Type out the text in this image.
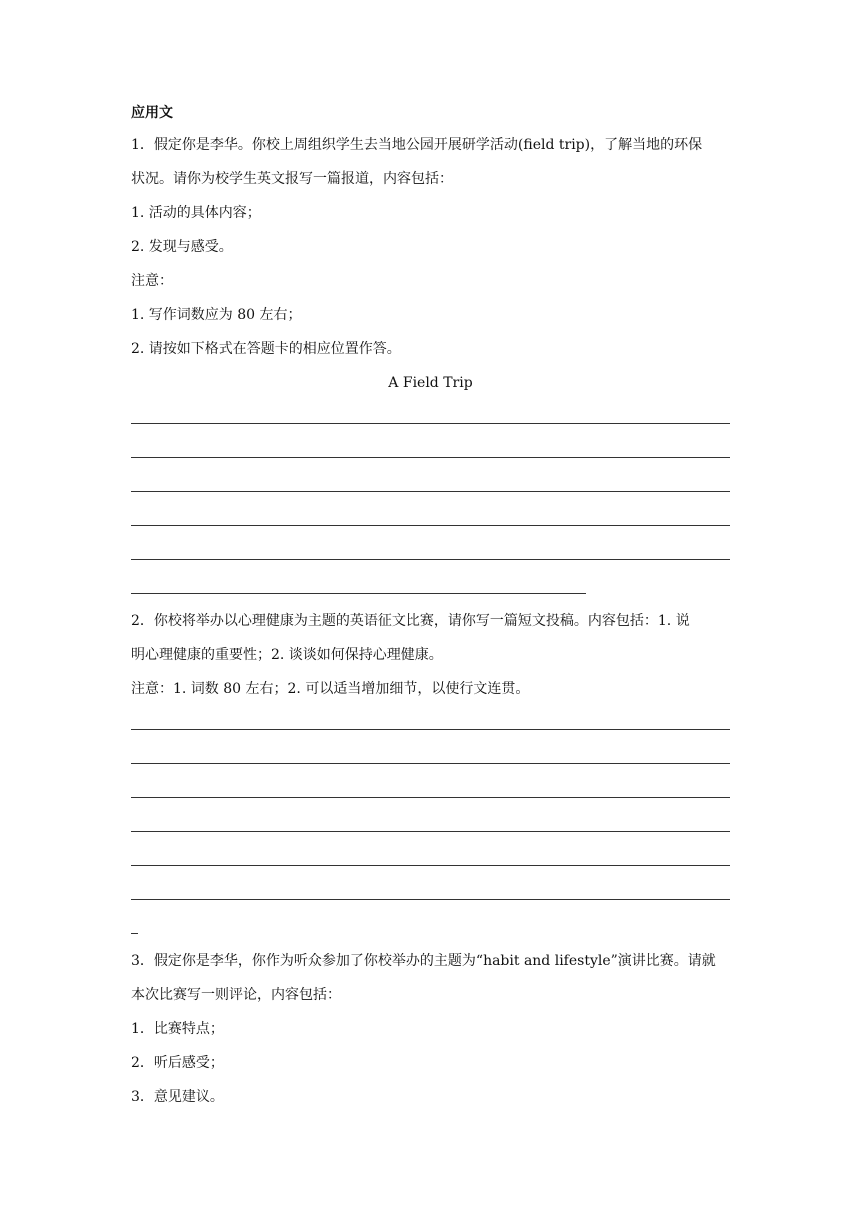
应用文
1．假定你是李华。你校上周组织学生去当地公园开展研学活动(field trip)，了解当地的环保
状况。请你为校学生英文报写一篇报道，内容包括：
1. 活动的具体内容；
2. 发现与感受。
注意：
1. 写作词数应为 80 左右；
2. 请按如下格式在答题卡的相应位置作答。
A Field Trip
2．你校将举办以心理健康为主题的英语征文比赛，请你写一篇短文投稿。内容包括：1. 说
明心理健康的重要性；2. 谈谈如何保持心理健康。
注意：1. 词数 80 左右；2. 可以适当增加细节，以使行文连贯。
3．假定你是李华，你作为听众参加了你校举办的主题为“habit and lifestyle”演讲比赛。请就
本次比赛写一则评论，内容包括：
1．比赛特点；
2．听后感受；
3．意见建议。
